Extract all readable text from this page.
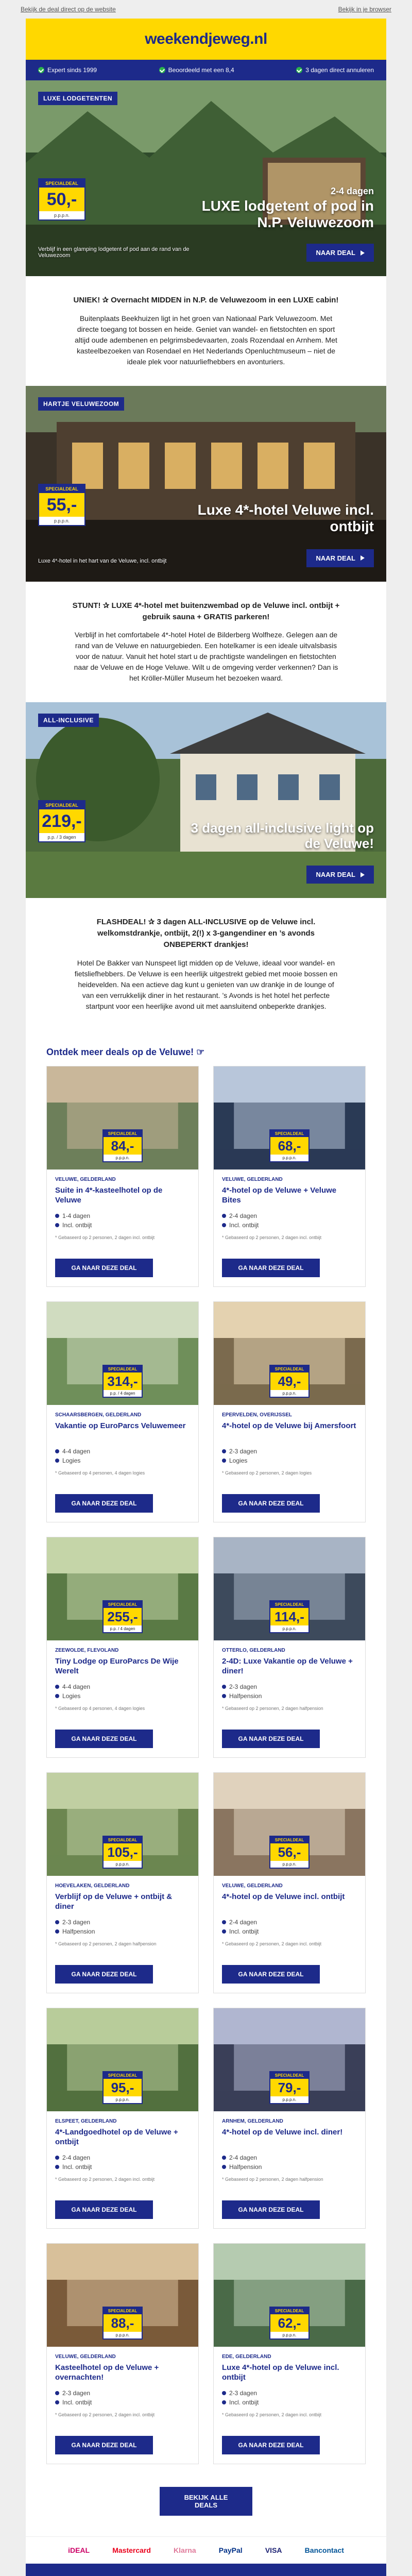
Bekijk de deal direct op de website	Bekijk in je browser
weekendjeweg.nl
Expert sinds 1999	Beoordeeld met een 8,4	3 dagen direct annuleren
LUXE LODGETENTEN
SPECIALDEAL
50,-
p.p.p.n.
2-4 dagen
LUXE lodgetent of pod in N.P. Veluwezoom
Verblijf in een glamping lodgetent of pod aan de rand van de Veluwezoom	NAAR DEAL
UNIEK! ✰ Overnacht MIDDEN in N.P. de Veluwezoom in een LUXE cabin!

Buitenplaats Beekhuizen ligt in het groen van Nationaal Park Veluwezoom. Met directe toegang tot bossen en heide. Geniet van wandel- en fietstochten en sport altijd oude adembenen en pelgrimsbedevaarten, zoals Rozendaal en Arnhem. Met kasteelbezoeken van Rosendael en Het Nederlands Openluchtmuseum – niet de ideale plek voor natuurliefhebbers en avonturiers.

HARTJE VELUWEZOOM
SPECIALDEAL
55,-
p.p.p.n.
Luxe 4*-hotel Veluwe incl. ontbijt
Luxe 4*-hotel in het hart van de Veluwe, incl. ontbijt	NAAR DEAL
STUNT! ✰ LUXE 4*-hotel met buitenzwembad op de Veluwe incl. ontbijt + gebruik sauna + GRATIS parkeren!

Verblijf in het comfortabele 4*-hotel Hotel de Bilderberg Wolfheze. Gelegen aan de rand van de Veluwe en natuurgebieden. Een hotelkamer is een ideale uitvalsbasis voor de natuur. Vanuit het hotel start u de prachtigste wandelingen en fietstochten naar de Veluwe en de Hoge Veluwe. Wilt u de omgeving verder verkennen? Dan is het Kröller-Müller Museum het bezoeken waard.

ALL-INCLUSIVE
SPECIALDEAL
219,-
p.p. / 3 dagen
3 dagen all-inclusive light op de Veluwe!
NAAR DEAL
FLASHDEAL! ✰ 3 dagen ALL-INCLUSIVE op de Veluwe incl. welkomstdrankje, ontbijt, 2(!) x 3-gangendiner en ’s avonds ONBEPERKT drankjes!

Hotel De Bakker van Nunspeet ligt midden op de Veluwe, ideaal voor wandel- en fietsliefhebbers. De Veluwe is een heerlijk uitgestrekt gebied met mooie bossen en heidevelden. Na een actieve dag kunt u genieten van uw drankje in de lounge of van een verrukkelijk diner in het restaurant. ’s Avonds is het hotel het perfecte startpunt voor een heerlijke avond uit met aansluitend onbeperkte drankjes.

Ontdek meer deals op de Veluwe! ☞
SPECIALDEAL
84,-
p.p.p.n.
VELUWE, GELDERLAND
Suite in 4*-kasteelhotel op de Veluwe
1-4 dagen
Incl. ontbijt
* Gebaseerd op 2 personen, 2 dagen incl. ontbijt
GA NAAR DEZE DEAL
SPECIALDEAL
68,-
p.p.p.n.
VELUWE, GELDERLAND
4*-hotel op de Veluwe + Veluwe Bites
2-4 dagen
Incl. ontbijt
* Gebaseerd op 2 personen, 2 dagen incl. ontbijt
GA NAAR DEZE DEAL
SPECIALDEAL
314,-
p.p. / 4 dagen
SCHAARSBERGEN, GELDERLAND
Vakantie op EuroParcs Veluwemeer
4-4 dagen
Logies
* Gebaseerd op 4 personen, 4 dagen logies
GA NAAR DEZE DEAL
SPECIALDEAL
49,-
p.p.p.n.
EPERVELDEN, OVERIJSSEL
4*-hotel op de Veluwe bij Amersfoort
2-3 dagen
Logies
* Gebaseerd op 2 personen, 2 dagen logies
GA NAAR DEZE DEAL
SPECIALDEAL
255,-
p.p. / 4 dagen
ZEEWOLDE, FLEVOLAND
Tiny Lodge op EuroParcs De Wije Werelt
4-4 dagen
Logies
* Gebaseerd op 4 personen, 4 dagen logies
GA NAAR DEZE DEAL
SPECIALDEAL
114,-
p.p.p.n.
OTTERLO, GELDERLAND
2-4D: Luxe Vakantie op de Veluwe + diner!
2-3 dagen
Halfpension
* Gebaseerd op 2 personen, 2 dagen halfpension
GA NAAR DEZE DEAL
SPECIALDEAL
105,-
p.p.p.n.
HOEVELAKEN, GELDERLAND
Verblijf op de Veluwe + ontbijt & diner
2-3 dagen
Halfpension
* Gebaseerd op 2 personen, 2 dagen halfpension
GA NAAR DEZE DEAL
SPECIALDEAL
56,-
p.p.p.n.
VELUWE, GELDERLAND
4*-hotel op de Veluwe incl. ontbijt
2-4 dagen
Incl. ontbijt
* Gebaseerd op 2 personen, 2 dagen incl. ontbijt
GA NAAR DEZE DEAL
SPECIALDEAL
95,-
p.p.p.n.
ELSPEET, GELDERLAND
4*-Landgoedhotel op de Veluwe + ontbijt
2-4 dagen
Incl. ontbijt
* Gebaseerd op 2 personen, 2 dagen incl. ontbijt
GA NAAR DEZE DEAL
SPECIALDEAL
79,-
p.p.p.n.
ARNHEM, GELDERLAND
4*-hotel op de Veluwe incl. diner!
2-4 dagen
Halfpension
* Gebaseerd op 2 personen, 2 dagen halfpension
GA NAAR DEZE DEAL
SPECIALDEAL
88,-
p.p.p.n.
VELUWE, GELDERLAND
Kasteelhotel op de Veluwe + overnachten!
2-3 dagen
Incl. ontbijt
* Gebaseerd op 2 personen, 2 dagen incl. ontbijt
GA NAAR DEZE DEAL
SPECIALDEAL
62,-
p.p.p.n.
EDE, GELDERLAND
Luxe 4*-hotel op de Veluwe incl. ontbijt
2-3 dagen
Incl. ontbijt
* Gebaseerd op 2 personen, 2 dagen incl. ontbijt
GA NAAR DEZE DEAL
BEKIJK ALLE DEALS
iDEAL	Mastercard	Klarna	PayPal	VISA	Bancontact
